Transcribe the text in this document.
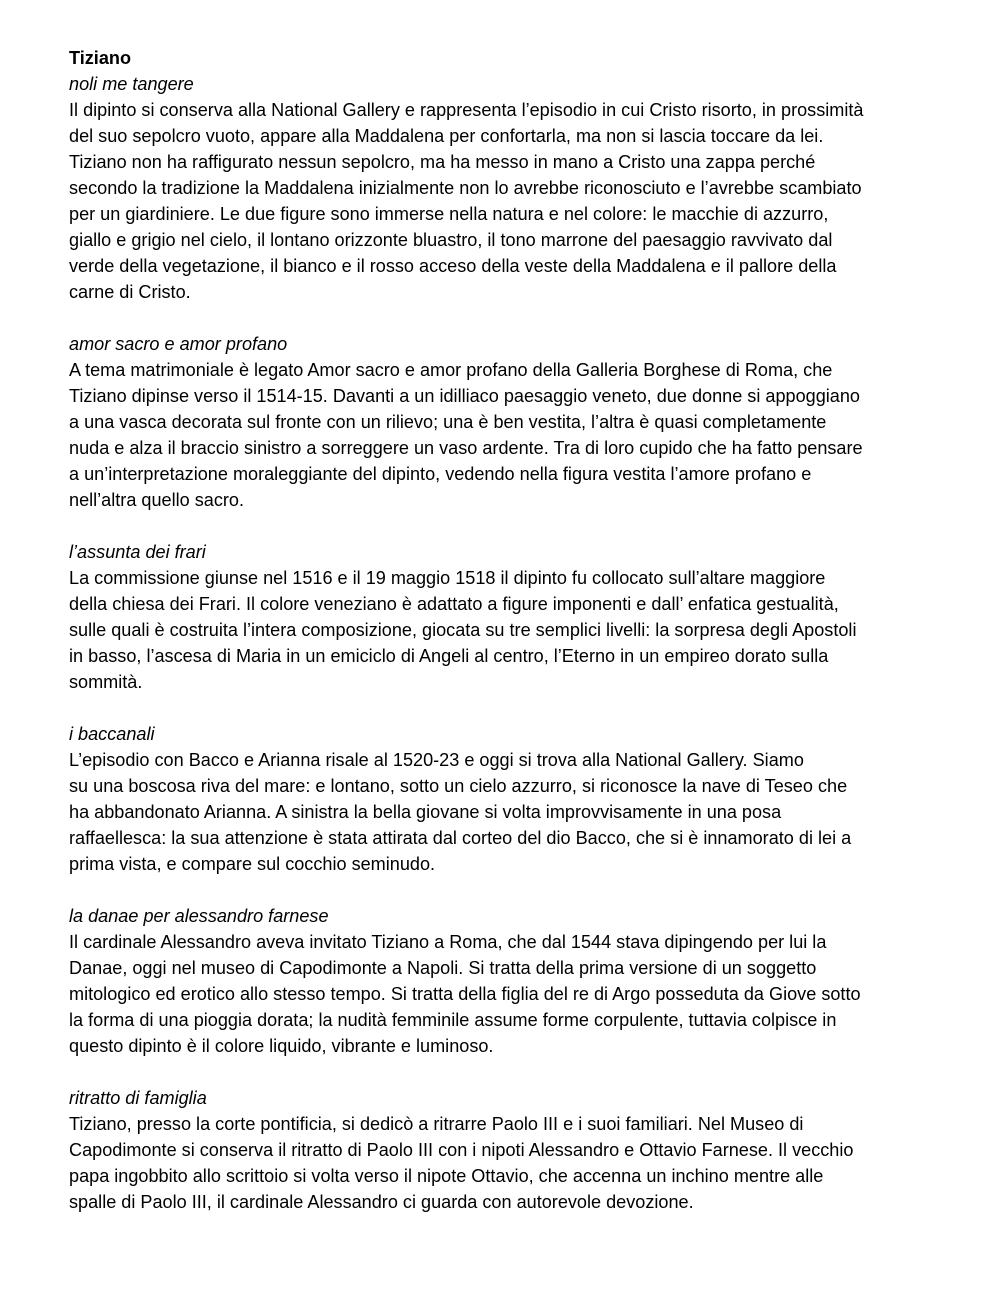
Tiziano

noli me tangere

Il dipinto si conserva alla National Gallery e rappresenta l’episodio in cui Cristo risorto, in prossimità
del suo sepolcro vuoto, appare alla Maddalena per confortarla, ma non si lascia toccare da lei.
Tiziano non ha raffigurato nessun sepolcro, ma ha messo in mano a Cristo una zappa perché
secondo la tradizione la Maddalena inizialmente non lo avrebbe riconosciuto e l’avrebbe scambiato
per un giardiniere. Le due figure sono immerse nella natura e nel colore: le macchie di azzurro,
giallo e grigio nel cielo, il lontano orizzonte bluastro, il tono marrone del paesaggio ravvivato dal
verde della vegetazione, il bianco e il rosso acceso della veste della Maddalena e il pallore della
carne di Cristo.

amor sacro e amor profano

A tema matrimoniale è legato Amor sacro e amor profano della Galleria Borghese di Roma, che
Tiziano dipinse verso il 1514-15. Davanti a un idilliaco paesaggio veneto, due donne si appoggiano
a una vasca decorata sul fronte con un rilievo; una è ben vestita, l’altra è quasi completamente
nuda e alza il braccio sinistro a sorreggere un vaso ardente. Tra di loro cupido che ha fatto pensare
a un’interpretazione moraleggiante del dipinto, vedendo nella figura vestita l’amore profano e
nell’altra quello sacro.

l’assunta dei frari

La commissione giunse nel 1516 e il 19 maggio 1518 il dipinto fu collocato sull’altare maggiore
della chiesa dei Frari. Il colore veneziano è adattato a figure imponenti e dall’ enfatica gestualità,
sulle quali è costruita l’intera composizione, giocata su tre semplici livelli: la sorpresa degli Apostoli
in basso, l’ascesa di Maria in un emiciclo di Angeli al centro, l’Eterno in un empireo dorato sulla
sommità.

i baccanali

L’episodio con Bacco e Arianna risale al 1520-23 e oggi si trova alla National Gallery. Siamo
su una boscosa riva del mare: e lontano, sotto un cielo azzurro, si riconosce la nave di Teseo che
ha abbandonato Arianna. A sinistra la bella giovane si volta improvvisamente in una posa
raffaellesca: la sua attenzione è stata attirata dal corteo del dio Bacco, che si è innamorato di lei a
prima vista, e compare sul cocchio seminudo.

la danae per alessandro farnese

Il cardinale Alessandro aveva invitato Tiziano a Roma, che dal 1544 stava dipingendo per lui la
Danae, oggi nel museo di Capodimonte a Napoli. Si tratta della prima versione di un soggetto
mitologico ed erotico allo stesso tempo. Si tratta della figlia del re di Argo posseduta da Giove sotto
la forma di una pioggia dorata; la nudità femminile assume forme corpulente, tuttavia colpisce in
questo dipinto è il colore liquido, vibrante e luminoso.

ritratto di famiglia

Tiziano, presso la corte pontificia, si dedicò a ritrarre Paolo III e i suoi familiari. Nel Museo di
Capodimonte si conserva il ritratto di Paolo III con i nipoti Alessandro e Ottavio Farnese. Il vecchio
papa ingobbito allo scrittoio si volta verso il nipote Ottavio, che accenna un inchino mentre alle
spalle di Paolo III, il cardinale Alessandro ci guarda con autorevole devozione.
